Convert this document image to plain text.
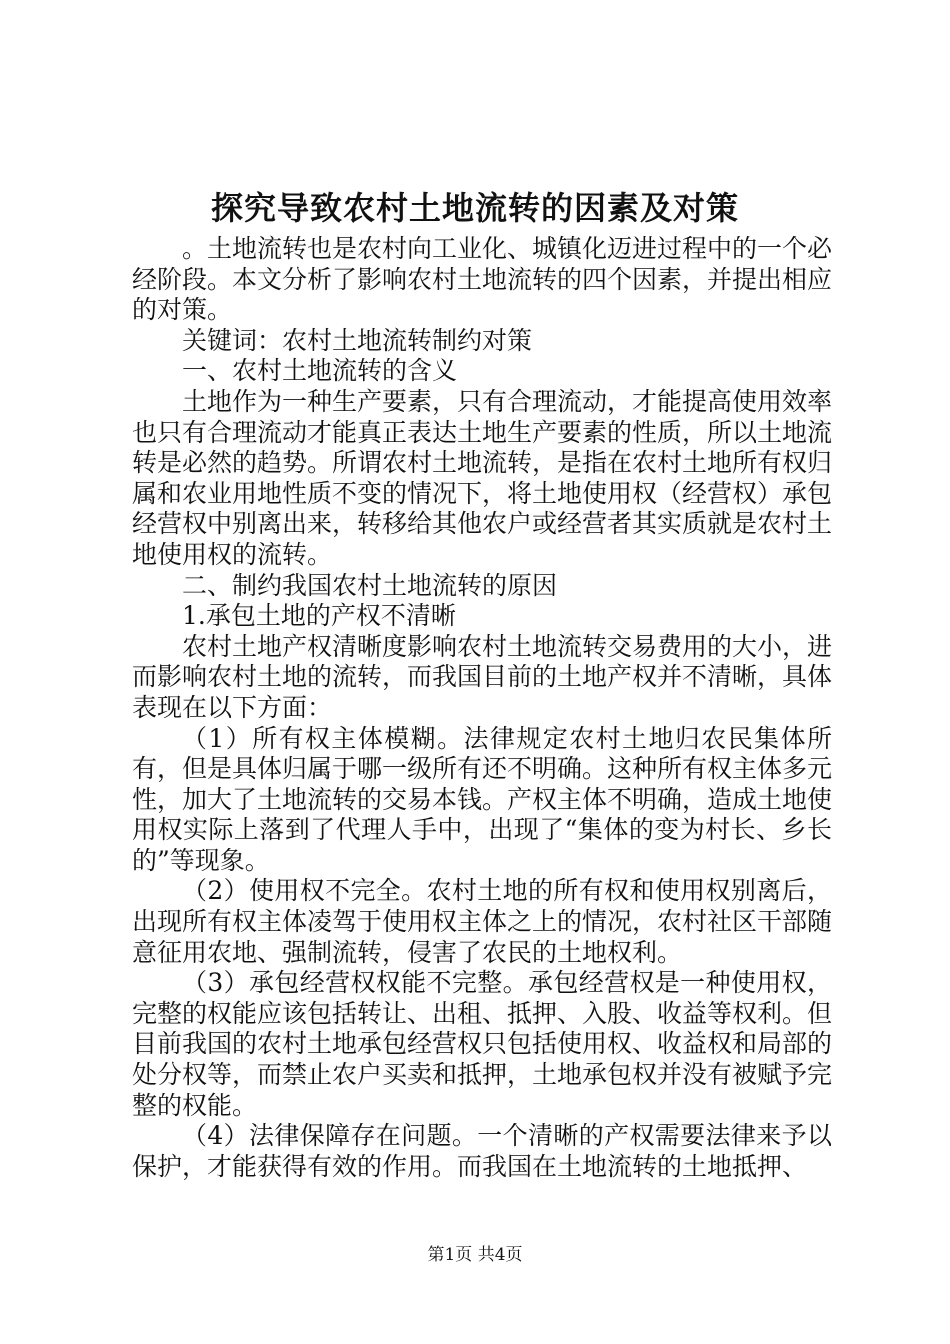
探究导致农村土地流转的因素及对策

。土地流转也是农村向工业化、城镇化迈进过程中的一个必经阶段。本文分析了影响农村土地流转的四个因素，并提出相应的对策。

关键词：农村土地流转制约对策

一、农村土地流转的含义

土地作为一种生产要素，只有合理流动，才能提高使用效率也只有合理流动才能真正表达土地生产要素的性质，所以土地流转是必然的趋势。所谓农村土地流转，是指在农村土地所有权归属和农业用地性质不变的情况下，将土地使用权（经营权）承包经营权中别离出来，转移给其他农户或经营者其实质就是农村土地使用权的流转。

二、制约我国农村土地流转的原因

1.承包土地的产权不清晰

农村土地产权清晰度影响农村土地流转交易费用的大小，进而影响农村土地的流转，而我国目前的土地产权并不清晰，具体表现在以下方面：

（1）所有权主体模糊。法律规定农村土地归农民集体所有，但是具体归属于哪一级所有还不明确。这种所有权主体多元性，加大了土地流转的交易本钱。产权主体不明确，造成土地使用权实际上落到了代理人手中，出现了“集体的变为村长、乡长的”等现象。

（2）使用权不完全。农村土地的所有权和使用权别离后，出现所有权主体凌驾于使用权主体之上的情况，农村社区干部随意征用农地、强制流转，侵害了农民的土地权利。

（3）承包经营权权能不完整。承包经营权是一种使用权，完整的权能应该包括转让、出租、抵押、入股、收益等权利。但目前我国的农村土地承包经营权只包括使用权、收益权和局部的处分权等，而禁止农户买卖和抵押，土地承包权并没有被赋予完整的权能。

（4）法律保障存在问题。一个清晰的产权需要法律来予以保护，才能获得有效的作用。而我国在土地流转的土地抵押、

第1页 共4页
